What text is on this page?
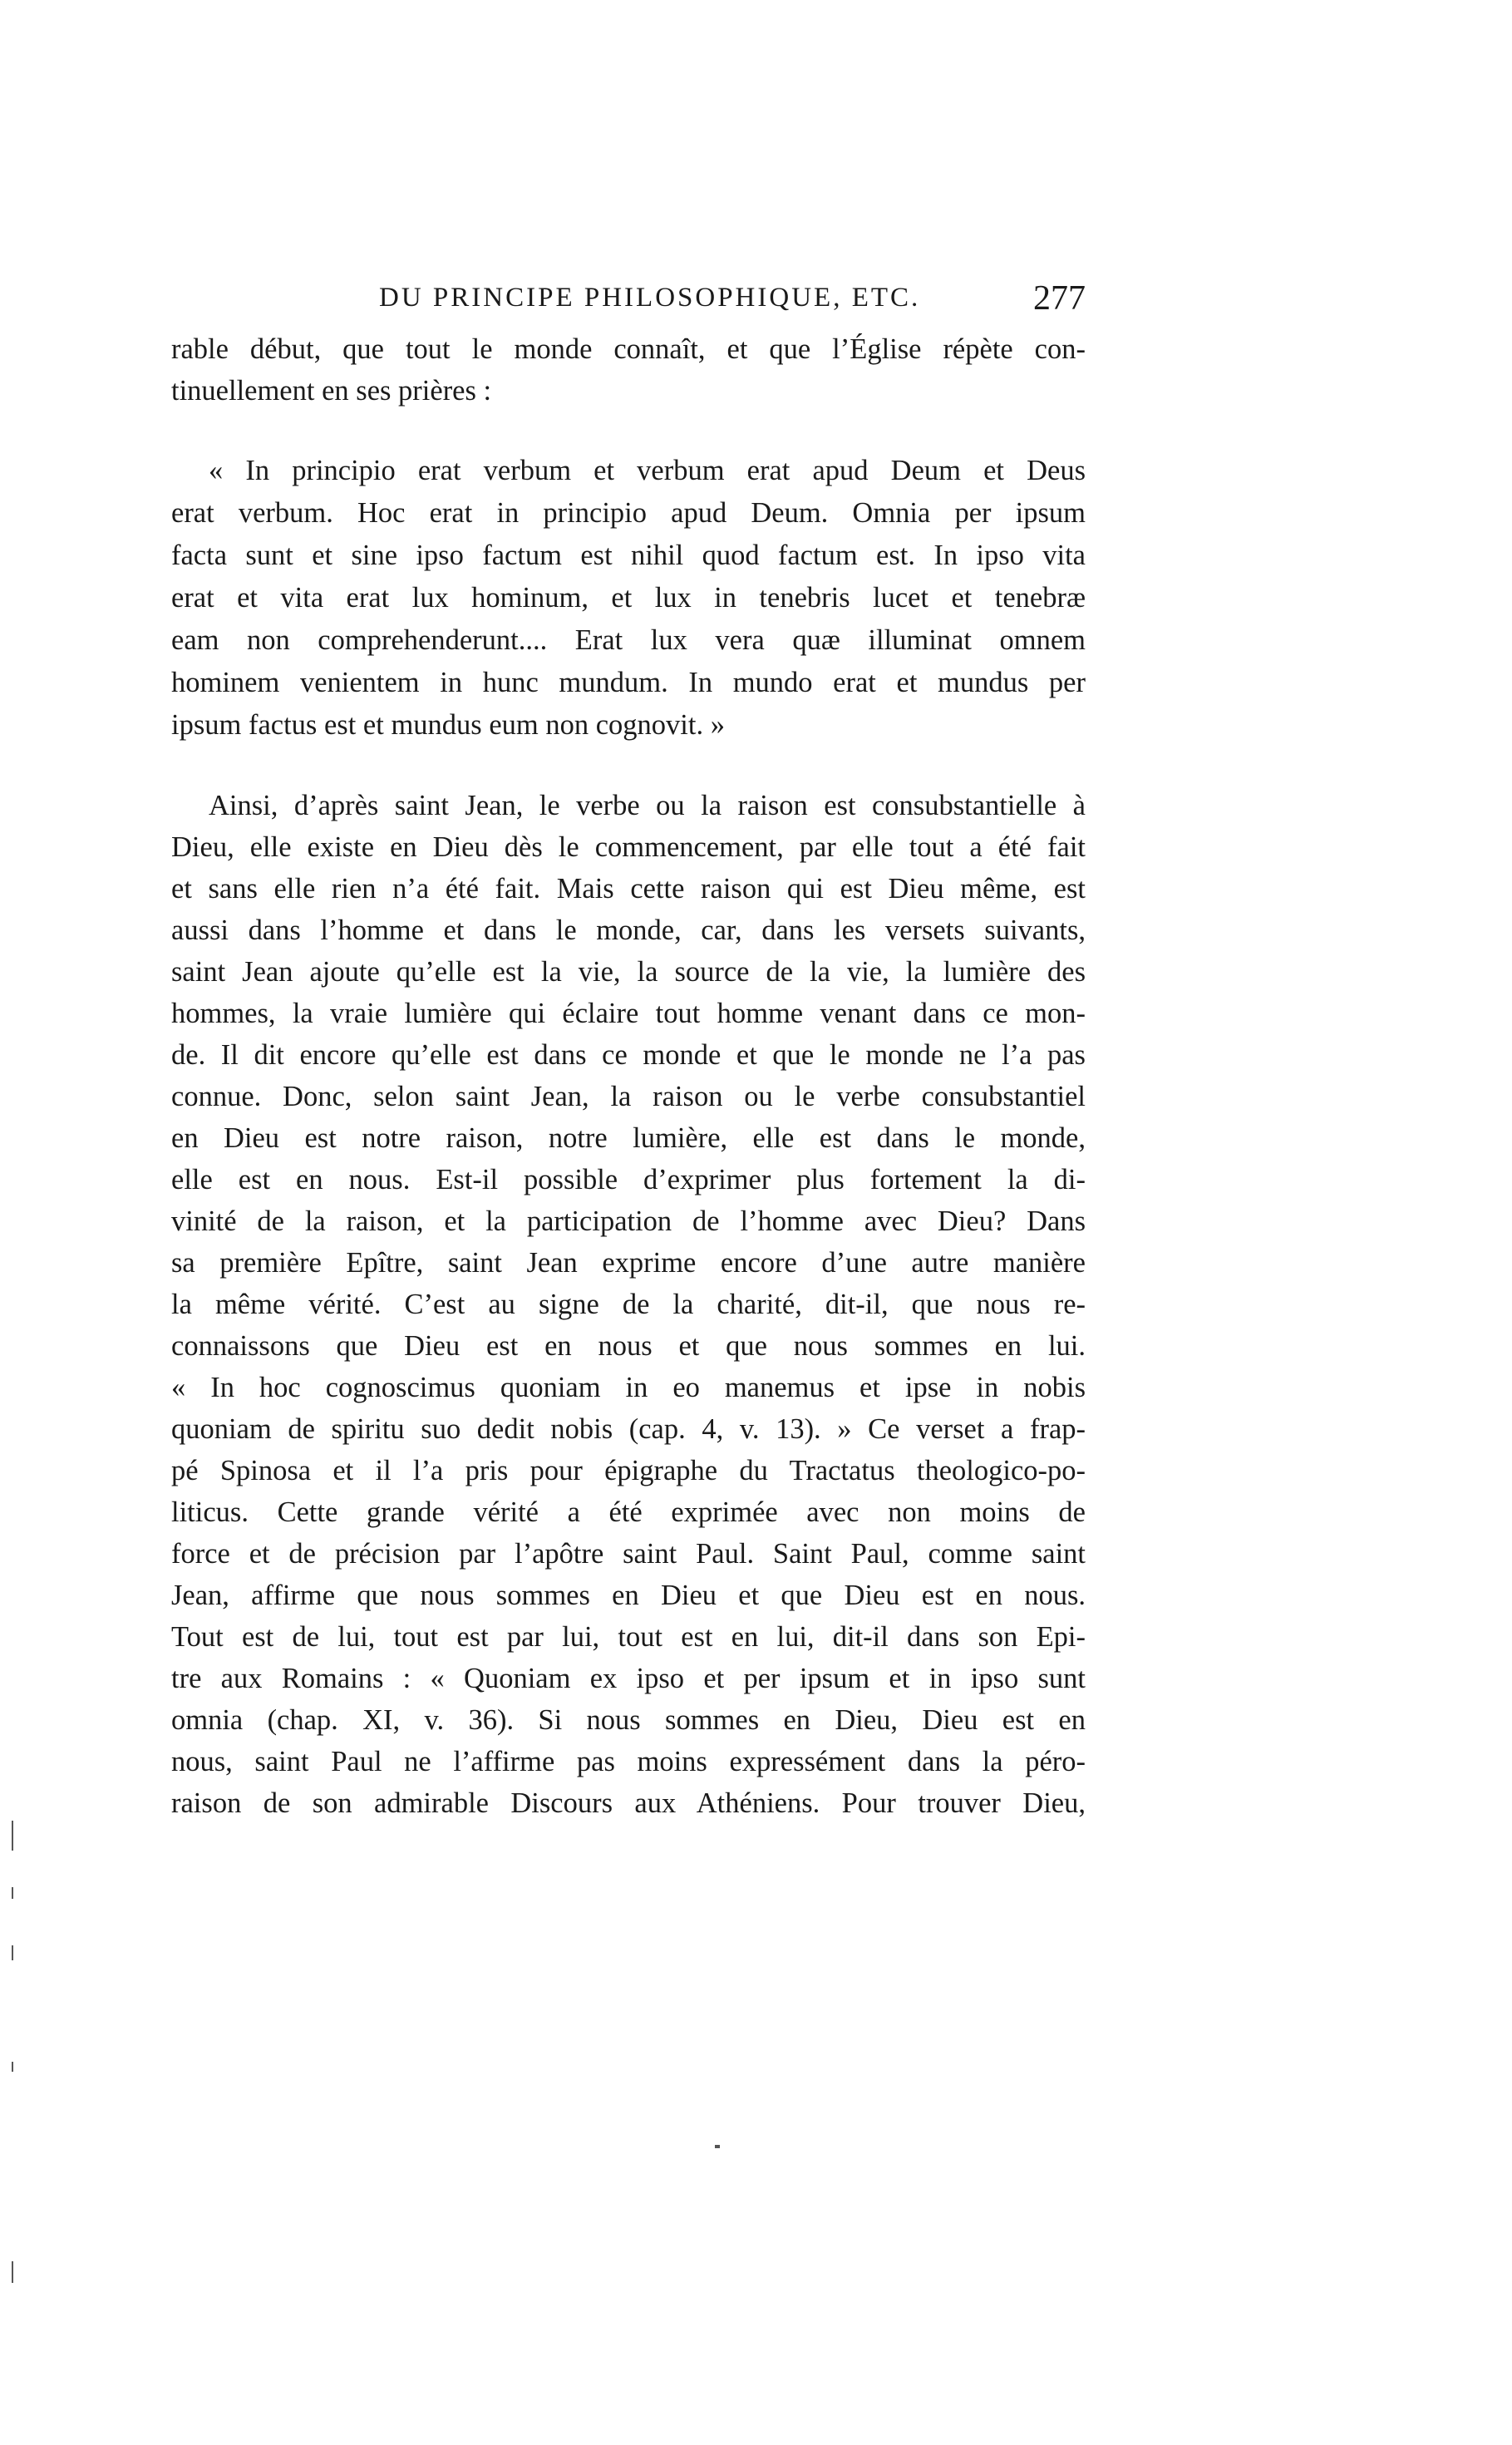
DU PRINCIPE PHILOSOPHIQUE, ETC.	277
rable début, que tout le monde connaît, et que l’Église répète con-
tinuellement en ses prières :
« In principio erat verbum et verbum erat apud Deum et Deus
erat verbum. Hoc erat in principio apud Deum. Omnia per ipsum
facta sunt et sine ipso factum est nihil quod factum est. In ipso vita
erat et vita erat lux hominum, et lux in tenebris lucet et tenebræ
eam non comprehenderunt.... Erat lux vera quæ illuminat omnem
hominem venientem in hunc mundum. In mundo erat et mundus per
ipsum factus est et mundus eum non cognovit. »
Ainsi, d’après saint Jean, le verbe ou la raison est consubstantielle à
Dieu, elle existe en Dieu dès le commencement, par elle tout a été fait
et sans elle rien n’a été fait. Mais cette raison qui est Dieu même, est
aussi dans l’homme et dans le monde, car, dans les versets suivants,
saint Jean ajoute qu’elle est la vie, la source de la vie, la lumière des
hommes, la vraie lumière qui éclaire tout homme venant dans ce mon-
de. Il dit encore qu’elle est dans ce monde et que le monde ne l’a pas
connue. Donc, selon saint Jean, la raison ou le verbe consubstantiel
en Dieu est notre raison, notre lumière, elle est dans le monde,
elle est en nous. Est-il possible d’exprimer plus fortement la di-
vinité de la raison, et la participation de l’homme avec Dieu? Dans
sa première Epître, saint Jean exprime encore d’une autre manière
la même vérité. C’est au signe de la charité, dit-il, que nous re-
connaissons que Dieu est en nous et que nous sommes en lui.
« In hoc cognoscimus quoniam in eo manemus et ipse in nobis
quoniam de spiritu suo dedit nobis (cap. 4, v. 13). » Ce verset a frap-
pé Spinosa et il l’a pris pour épigraphe du Tractatus theologico-po-
liticus. Cette grande vérité a été exprimée avec non moins de
force et de précision par l’apôtre saint Paul. Saint Paul, comme saint
Jean, affirme que nous sommes en Dieu et que Dieu est en nous.
Tout est de lui, tout est par lui, tout est en lui, dit-il dans son Epi-
tre aux Romains : « Quoniam ex ipso et per ipsum et in ipso sunt
omnia (chap. XI, v. 36). Si nous sommes en Dieu, Dieu est en
nous, saint Paul ne l’affirme pas moins expressément dans la péro-
raison de son admirable Discours aux Athéniens. Pour trouver Dieu,
